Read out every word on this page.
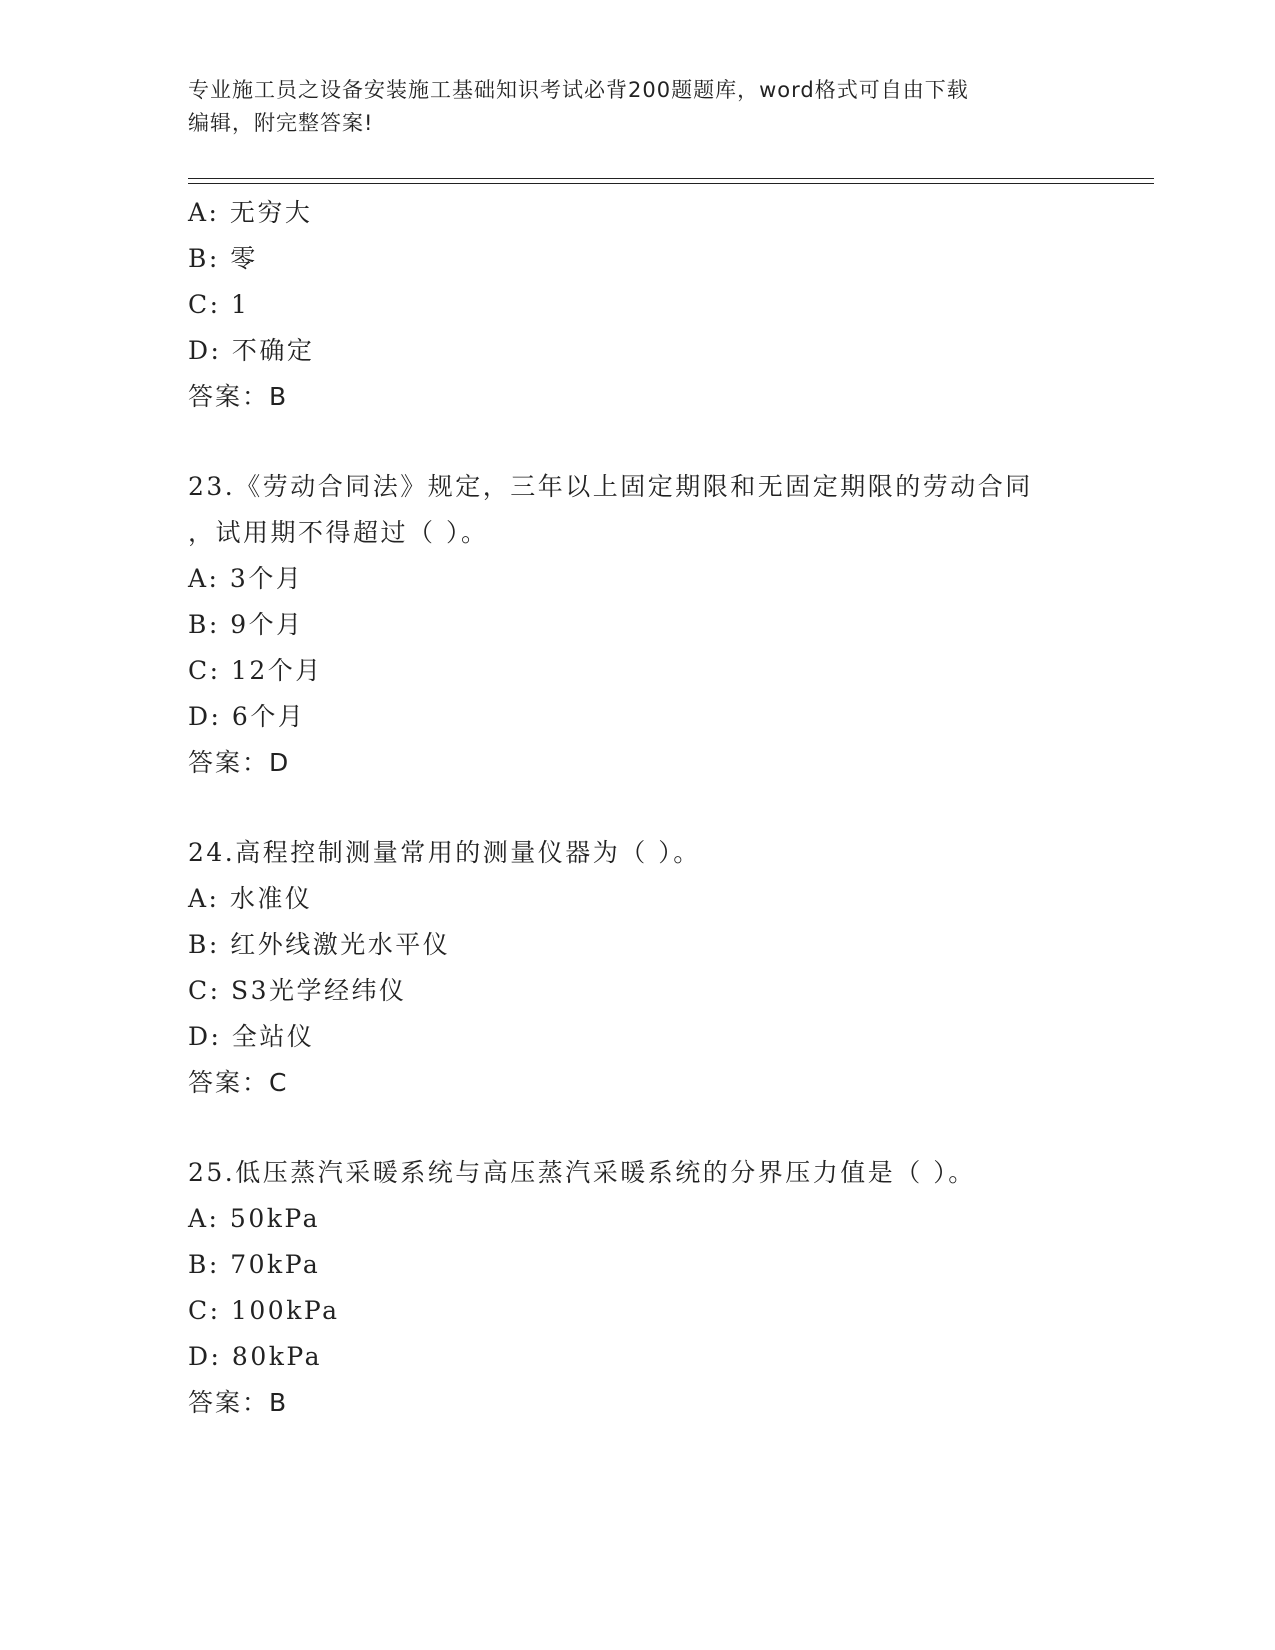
专业施工员之设备安装施工基础知识考试必背200题题库，word格式可自由下载
编辑，附完整答案!
A: 无穷大
B: 零
C: 1
D: 不确定
答案：B
23.《劳动合同法》规定，三年以上固定期限和无固定期限的劳动合同
，试用期不得超过（ ）。
A: 3个月
B: 9个月
C: 12个月
D: 6个月
答案：D
24.高程控制测量常用的测量仪器为（ ）。
A: 水准仪
B: 红外线激光水平仪
C: S3光学经纬仪
D: 全站仪
答案：C
25.低压蒸汽采暖系统与高压蒸汽采暖系统的分界压力值是（ ）。
A: 50kPa
B: 70kPa
C: 100kPa
D: 80kPa
答案：B
